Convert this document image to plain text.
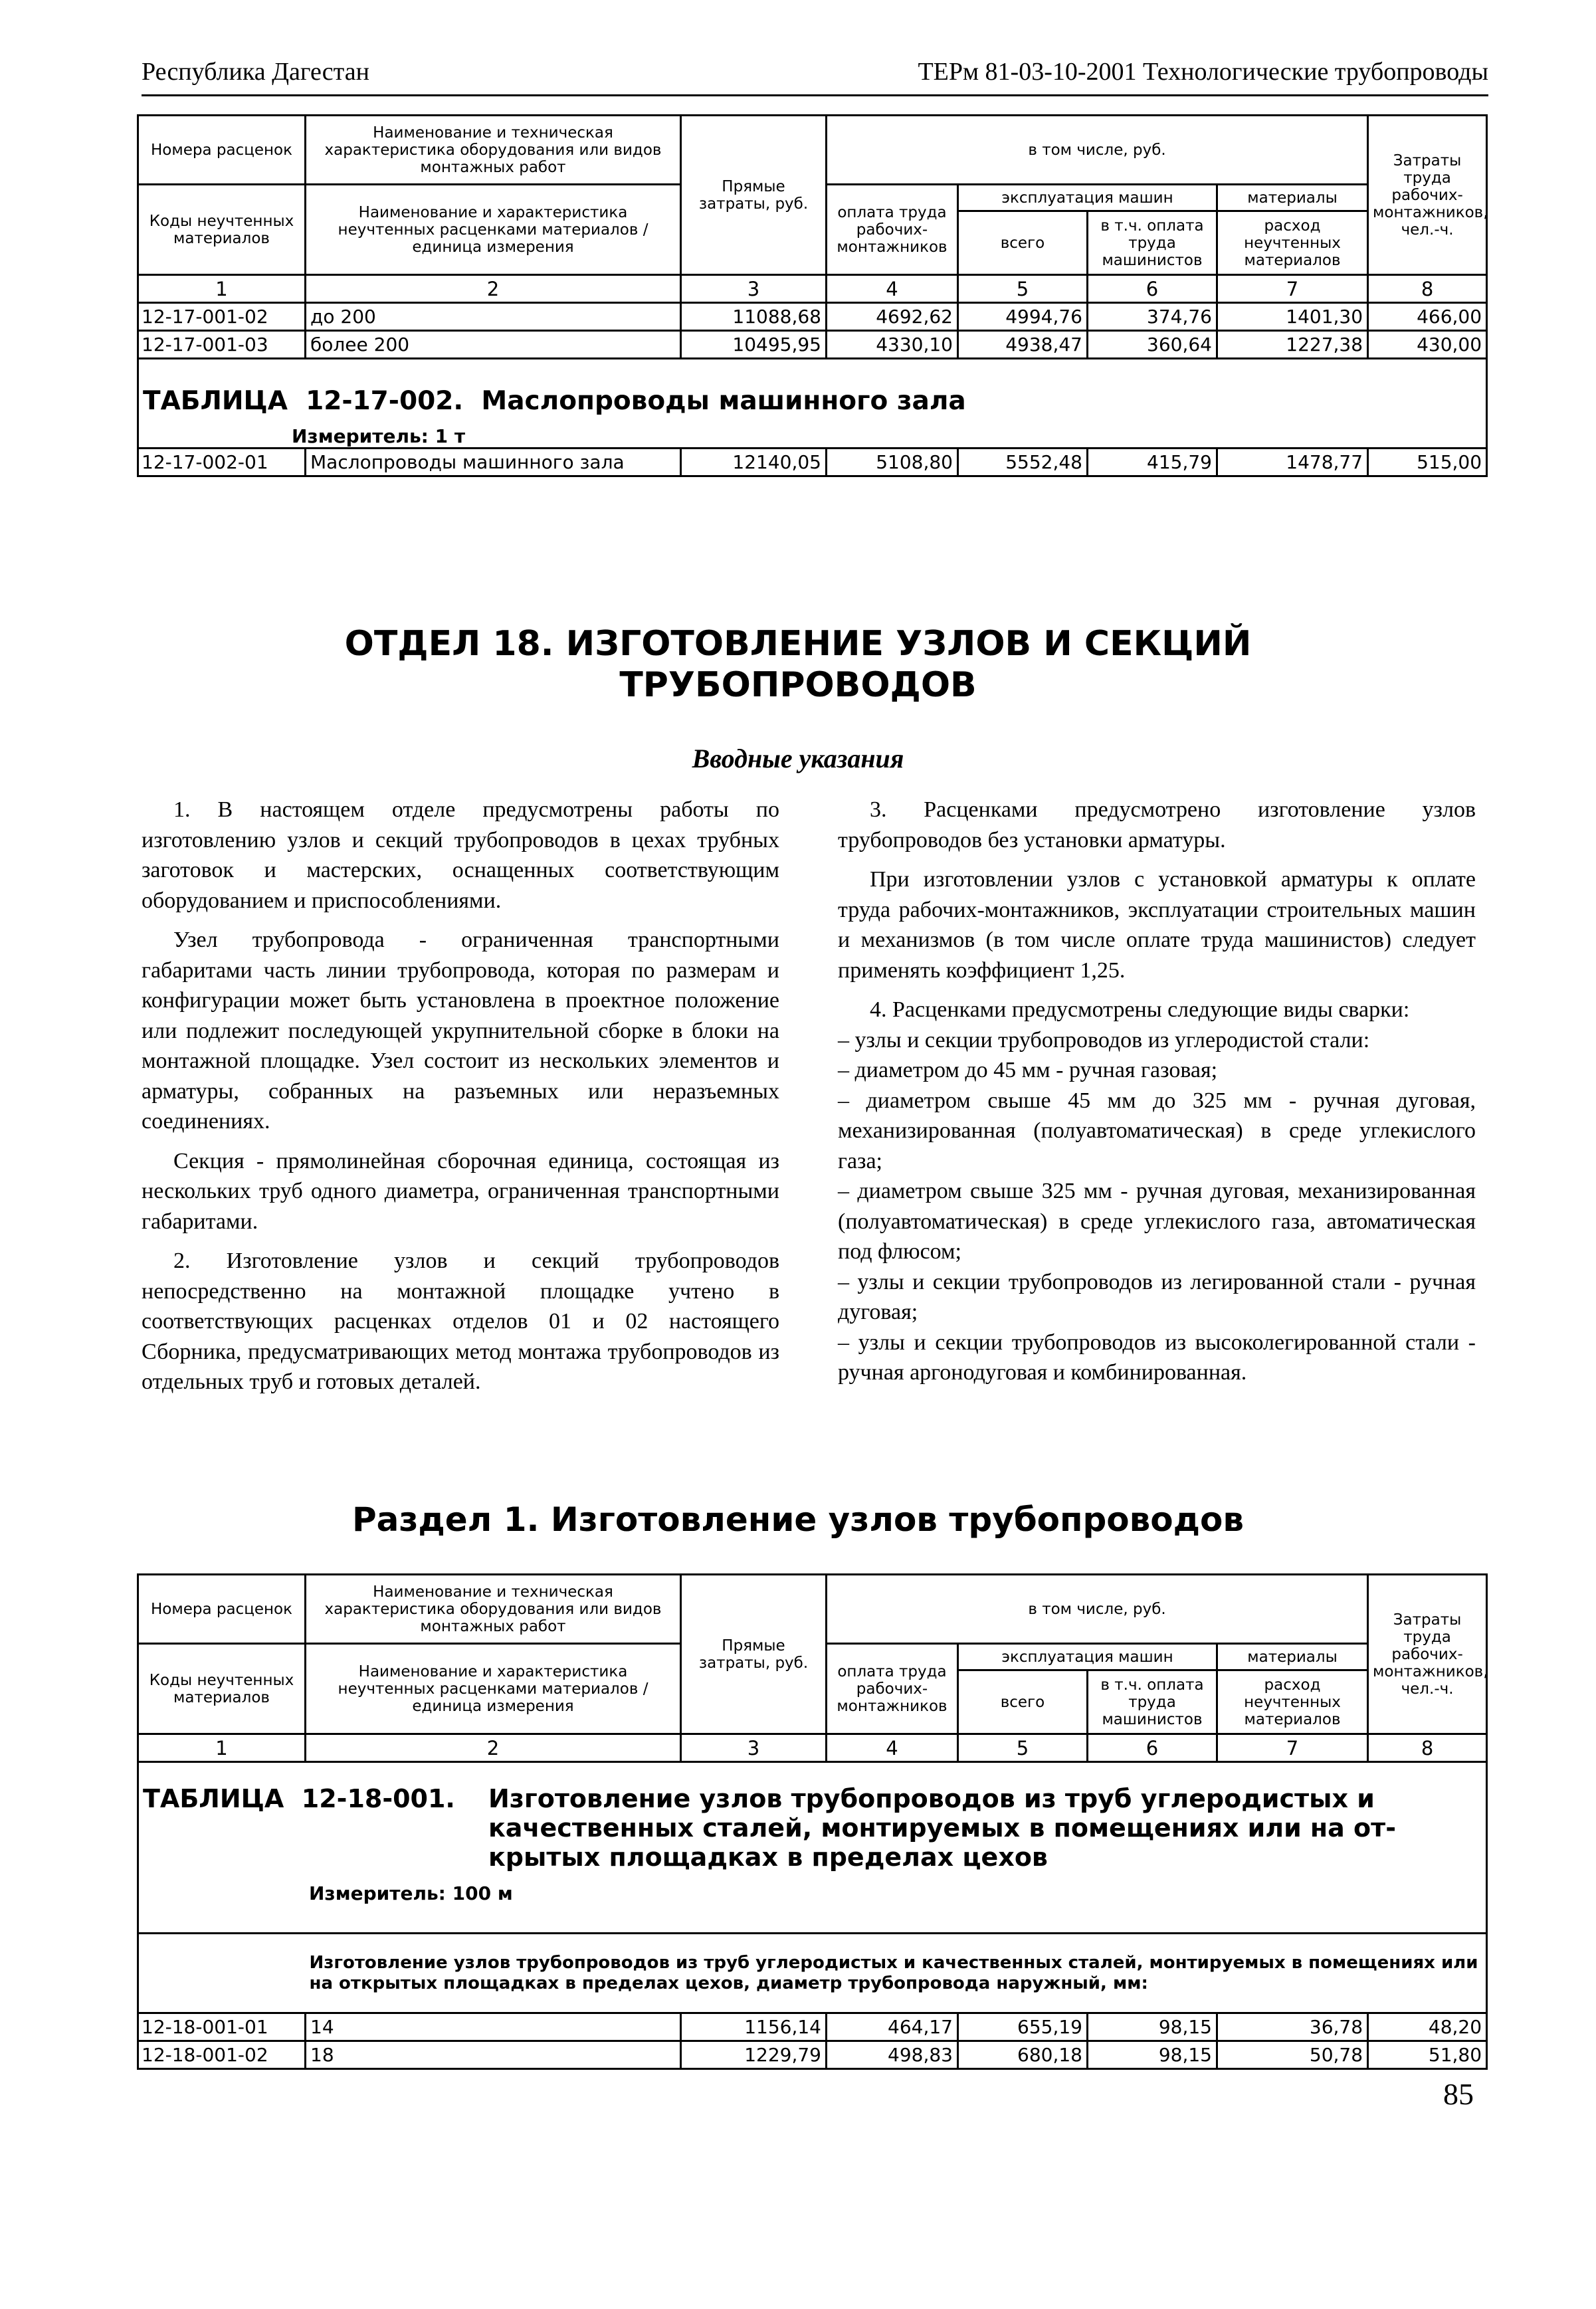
Республика Дагестан	ТЕРм 81-03-10-2001 Технологические трубопроводы
Номера расценок	Наименование и техническая характеристика оборудования или видов монтажных работ	Прямые затраты, руб.	в том числе, руб.				Затраты труда рабочих-монтажников, чел.-ч.
Коды неучтенных материалов	Наименование и характеристика неучтенных расценками материалов / единица измерения		оплата труда рабочих-монтажников	эксплуатация машин		материалы	
				всего	в т.ч. оплата труда машинистов	расход неучтенных материалов	
1	2	3	4	5	6	7	8
12-17-001-02	до 200	11088,68	4692,62	4994,76	374,76	1401,30	466,00
12-17-001-03	более 200	10495,95	4330,10	4938,47	360,64	1227,38	430,00

ТАБЛИЦА 12-17-002. Маслопроводы машинного зала
Измеритель: 1 т							

12-17-002-01	Маслопроводы машинного зала	12140,05	5108,80	5552,48	415,79	1478,77	515,00
ОТДЕЛ 18. ИЗГОТОВЛЕНИЕ УЗЛОВ И СЕКЦИЙ
ТРУБОПРОВОДОВ
Вводные указания

1. В настоящем отделе предусмотрены работы по изготовлению узлов и секций трубопроводов в цехах трубных заготовок и мастерских, оснащенных соответствующим оборудованием и приспособлениями.

Узел трубопровода - ограниченная транспортными габаритами часть линии трубопровода, которая по размерам и конфигурации может быть установлена в проектное положение или подлежит последующей укрупнительной сборке в блоки на монтажной площадке. Узел состоит из нескольких элементов и арматуры, собранных на разъемных или неразъемных соединениях.

Секция - прямолинейная сборочная единица, состоящая из нескольких труб одного диаметра, ограниченная транспортными габаритами.

2. Изготовление узлов и секций трубопроводов непосредственно на монтажной площадке учтено в соответствующих расценках отделов 01 и 02 настоящего Сборника, предусматривающих метод монтажа трубопроводов из отдельных труб и готовых деталей.

3. Расценками предусмотрено изготовление узлов трубопроводов без установки арматуры.

При изготовлении узлов с установкой арматуры к оплате труда рабочих-монтажников, эксплуатации строительных машин и механизмов (в том числе оплате труда машинистов) следует применять коэффициент 1,25.

4. Расценками предусмотрены следующие виды сварки:

– узлы и секции трубопроводов из углеродистой стали:

– диаметром до 45 мм - ручная газовая;

– диаметром свыше 45 мм до 325 мм - ручная дуговая, механизированная (полуавтоматическая) в среде углекислого газа;

– диаметром свыше 325 мм - ручная дуговая, механизированная (полуавтоматическая) в среде углекислого газа, автоматическая под флюсом;

– узлы и секции трубопроводов из легированной стали - ручная дуговая;

– узлы и секции трубопроводов из высоколегированной стали - ручная аргонодуговая и комбинированная.

Раздел 1. Изготовление узлов трубопроводов
Номера расценок	Наименование и техническая характеристика оборудования или видов монтажных работ	Прямые затраты, руб.	в том числе, руб.				Затраты труда рабочих-монтажников, чел.-ч.
Коды неучтенных материалов	Наименование и характеристика неучтенных расценками материалов / единица измерения		оплата труда рабочих-монтажников	эксплуатация машин		материалы	
				всего	в т.ч. оплата труда машинистов	расход неучтенных материалов	
1	2	3	4	5	6	7	8

ТАБЛИЦА 12-18-001. Изготовление узлов трубопроводов из труб углеродистых и
качественных сталей, монтируемых в помещениях или на от-
крытых площадках в пределах цехов
Измеритель: 100 м							

	Изготовление узлов трубопроводов из труб углеродистых и качественных сталей, монтируемых в помещениях или на открытых площадках в пределах цехов, диаметр трубопровода наружный, мм:						

12-18-001-01	14	1156,14	464,17	655,19	98,15	36,78	48,20
12-18-001-02	18	1229,79	498,83	680,18	98,15	50,78	51,80
85
